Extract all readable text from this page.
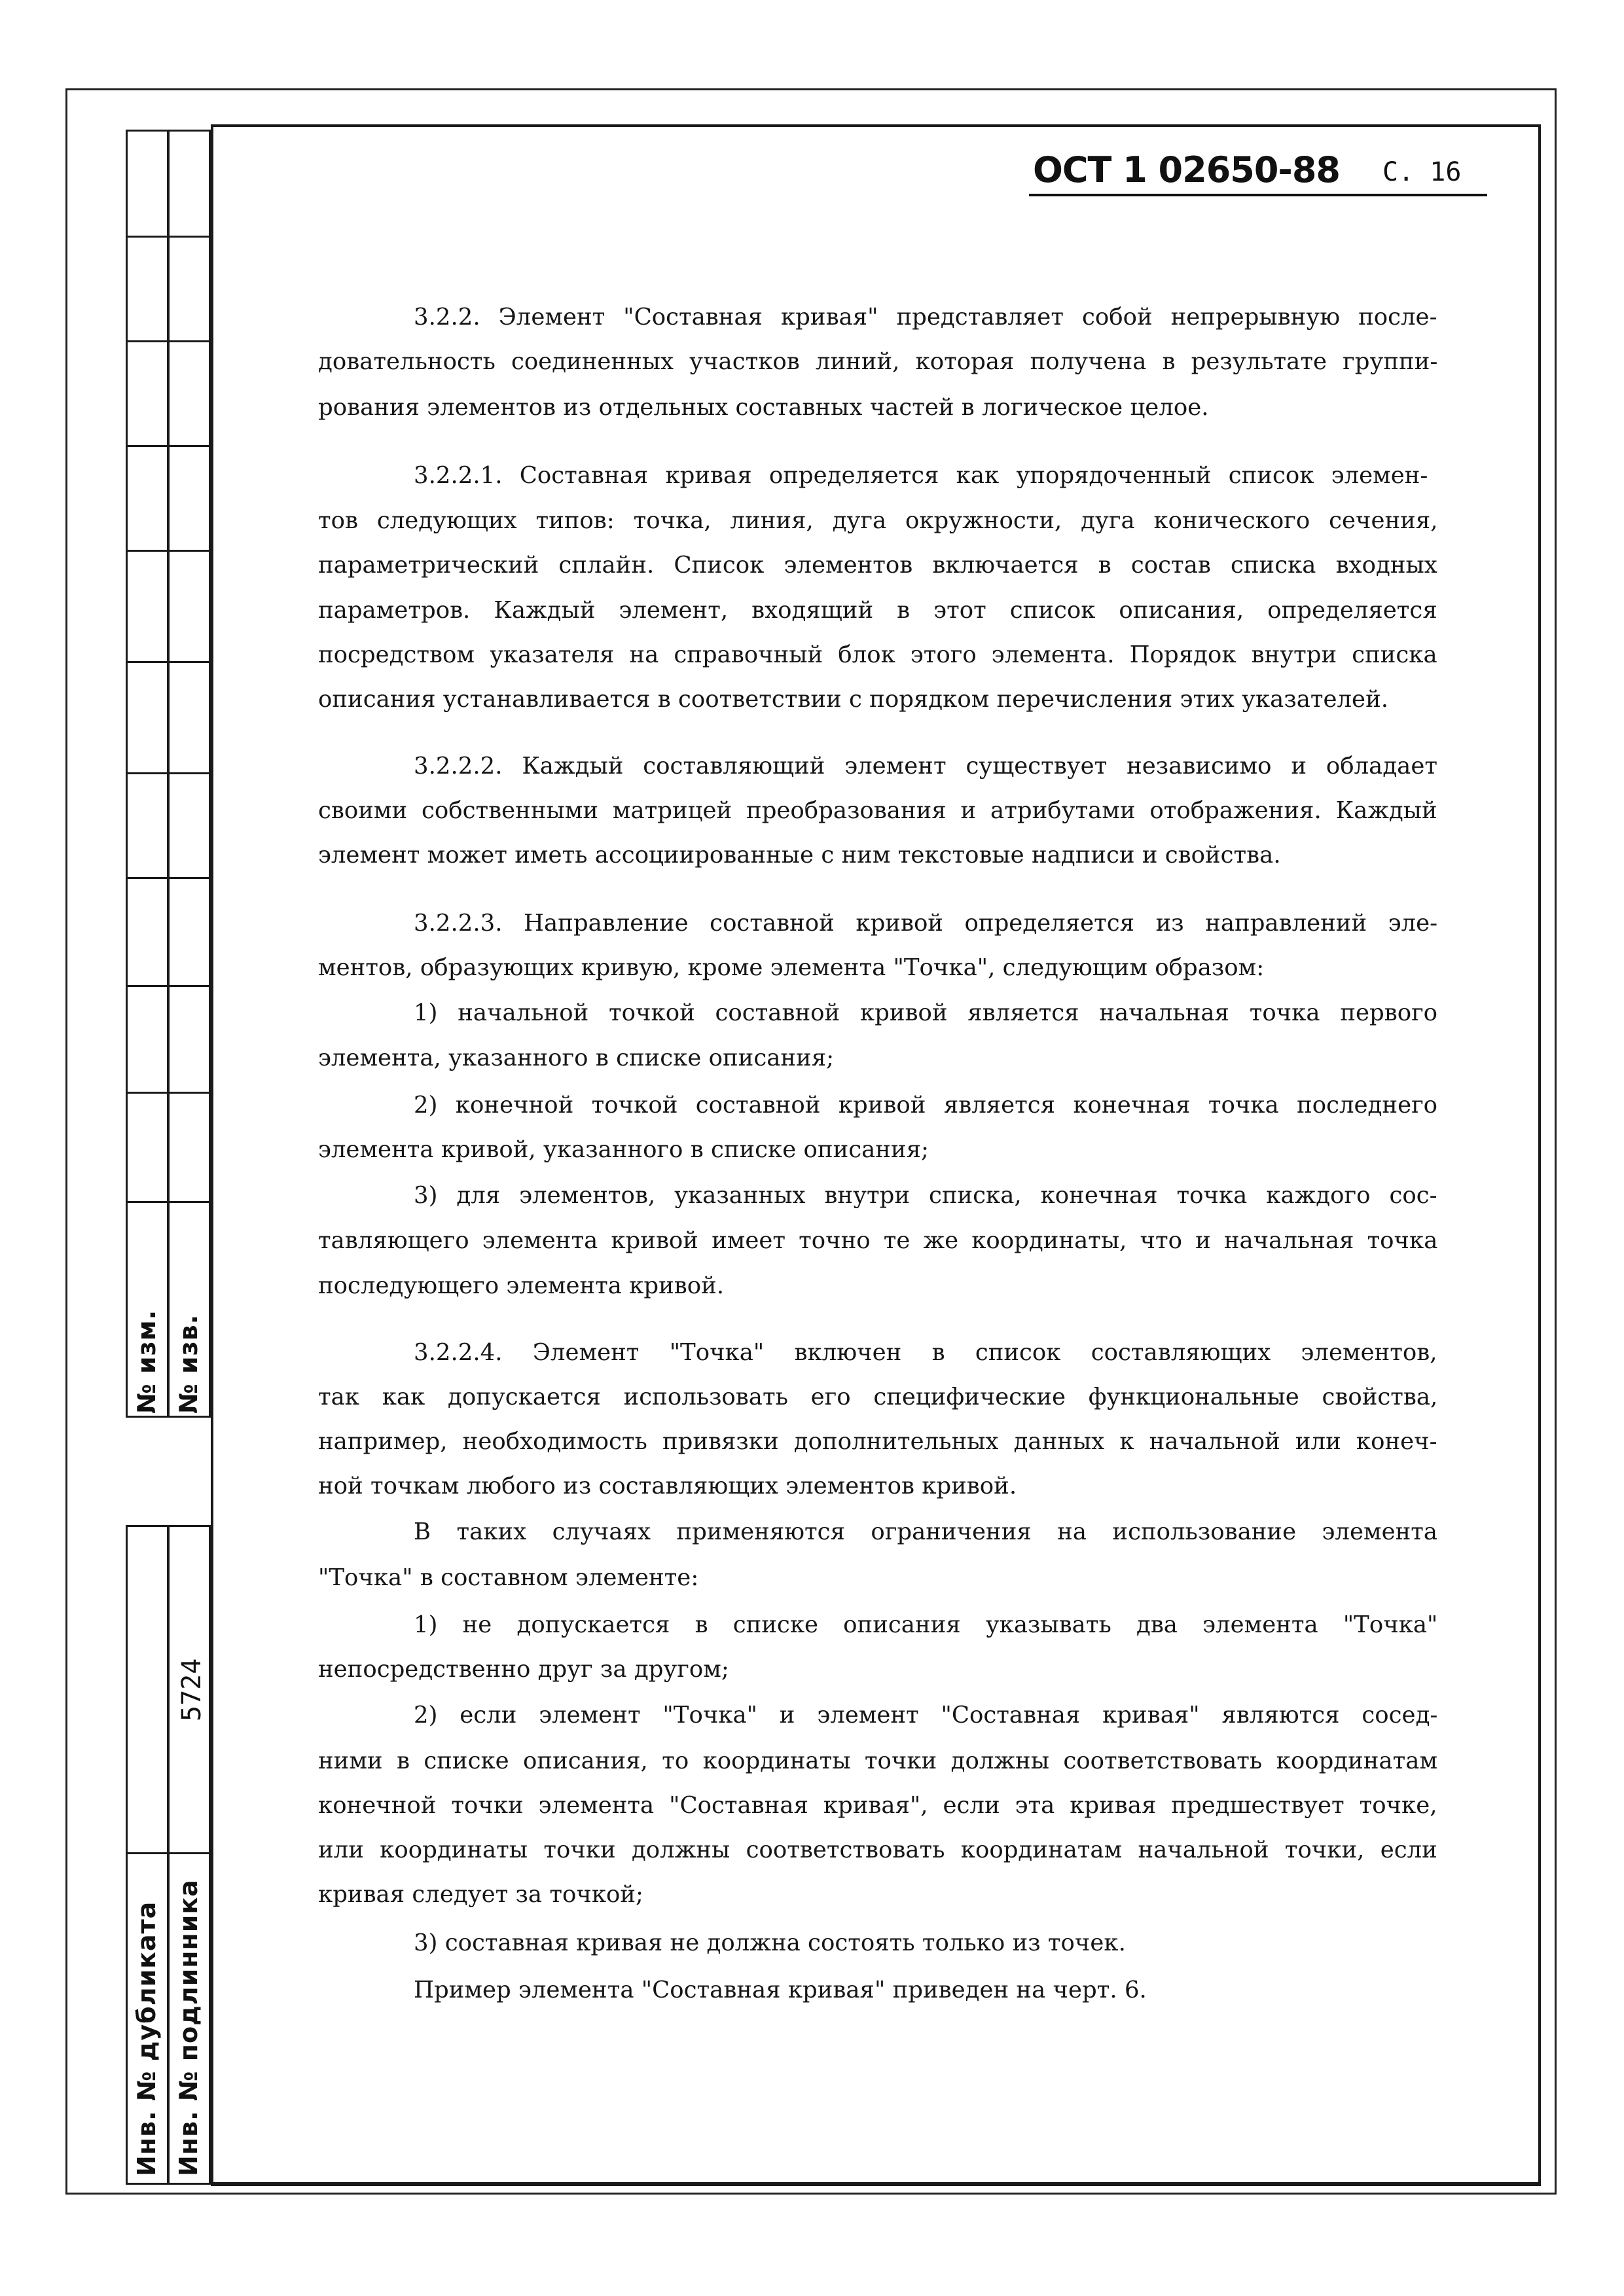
№ изм. № изв.
Инв. № дубликата Инв. № подлинника
5724
ОСТ 1 02650-88 С. 16
3.2.2. Элемент "Составная кривая" представляет собой непрерывную после-
довательность соединенных участков линий, которая получена в результате группи-
рования элементов из отдельных составных частей в логическое целое.
3.2.2.1. Составная кривая определяется как упорядоченный список элемен-
тов следующих типов: точка, линия, дуга окружности, дуга конического сечения,
параметрический сплайн. Список элементов включается в состав списка входных
параметров. Каждый элемент, входящий в этот список описания, определяется
посредством указателя на справочный блок этого элемента. Порядок внутри списка
описания устанавливается в соответствии с порядком перечисления этих указателей.
3.2.2.2. Каждый составляющий элемент существует независимо и обладает
своими собственными матрицей преобразования и атрибутами отображения. Каждый
элемент может иметь ассоциированные с ним текстовые надписи и свойства.
3.2.2.3. Направление составной кривой определяется из направлений эле-
ментов, образующих кривую, кроме элемента "Точка", следующим образом:
1) начальной точкой составной кривой является начальная точка первого
элемента, указанного в списке описания;
2) конечной точкой составной кривой является конечная точка последнего
элемента кривой, указанного в списке описания;
3) для элементов, указанных внутри списка, конечная точка каждого сос-
тавляющего элемента кривой имеет точно те же координаты, что и начальная точка
последующего элемента кривой.
3.2.2.4. Элемент "Точка" включен в список составляющих элементов,
так как допускается использовать его специфические функциональные свойства,
например, необходимость привязки дополнительных данных к начальной или конеч-
ной точкам любого из составляющих элементов кривой.
В таких случаях применяются ограничения на использование элемента
"Точка" в составном элементе:
1) не допускается в списке описания указывать два элемента "Точка"
непосредственно друг за другом;
2) если элемент "Точка" и элемент "Составная кривая" являются сосед-
ними в списке описания, то координаты точки должны соответствовать координатам
конечной точки элемента "Составная кривая", если эта кривая предшествует точке,
или координаты точки должны соответствовать координатам начальной точки, если
кривая следует за точкой;
3) составная кривая не должна состоять только из точек.
Пример элемента "Составная кривая" приведен на черт. 6.
